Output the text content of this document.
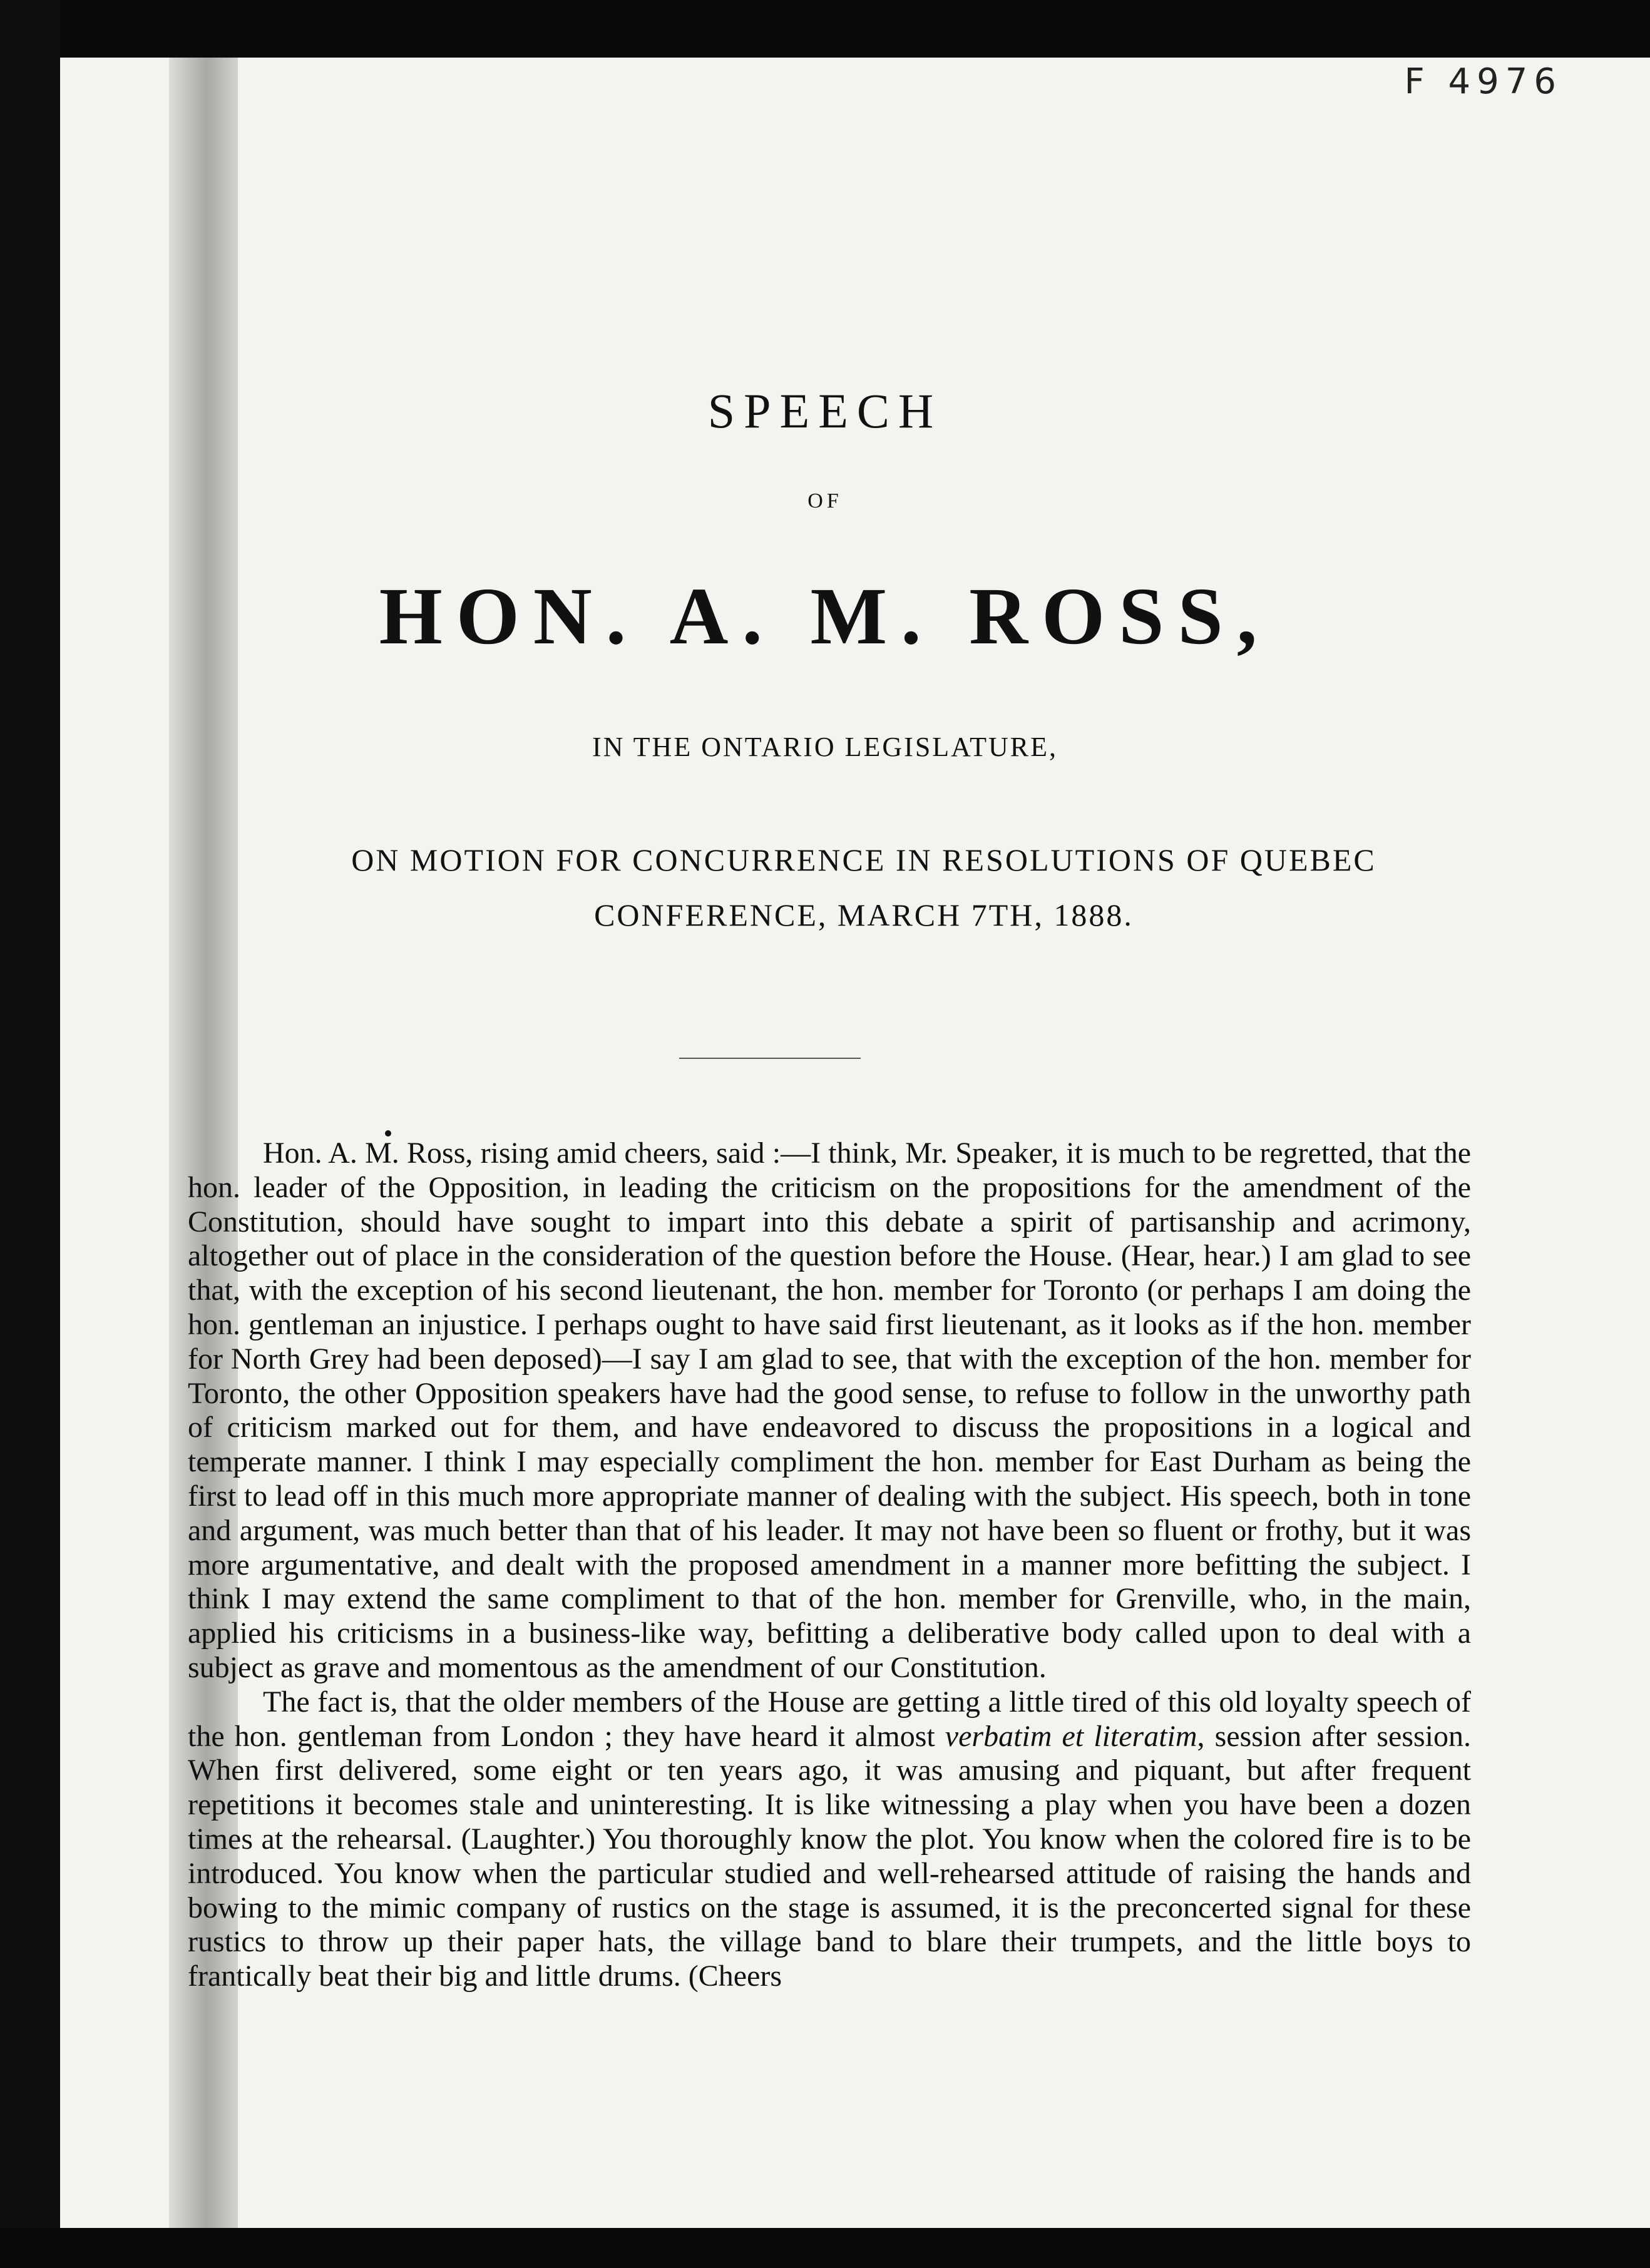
F 4976
SPEECH
OF
HON. A. M. ROSS,
IN THE ONTARIO LEGISLATURE,
ON MOTION FOR CONCURRENCE IN RESOLUTIONS OF QUEBEC CONFERENCE, MARCH 7TH, 1888.

Hon. A. M. Ross, rising amid cheers, said :—I think, Mr. Speaker, it is much to be regretted, that the hon. leader of the Opposition, in leading the criticism on the propositions for the amendment of the Constitution, should have sought to impart into this debate a spirit of partisanship and acrimony, altogether out of place in the consideration of the question before the House. (Hear, hear.) I am glad to see that, with the exception of his second lieutenant, the hon. member for Toronto (or perhaps I am doing the hon. gentleman an injustice. I perhaps ought to have said first lieutenant, as it looks as if the hon. member for North Grey had been deposed)—I say I am glad to see, that with the exception of the hon. member for Toronto, the other Opposition speakers have had the good sense, to refuse to follow in the unworthy path of criticism marked out for them, and have endeavored to discuss the propositions in a logical and temperate manner. I think I may especially compliment the hon. member for East Durham as being the first to lead off in this much more appropriate manner of dealing with the subject. His speech, both in tone and argument, was much better than that of his leader. It may not have been so fluent or frothy, but it was more argumentative, and dealt with the proposed amendment in a manner more befitting the subject. I think I may extend the same compliment to that of the hon. member for Grenville, who, in the main, applied his criticisms in a business-like way, befitting a deliberative body called upon to deal with a subject as grave and momentous as the amendment of our Constitution.

The fact is, that the older members of the House are getting a little tired of this old loyalty speech of the hon. gentleman from London ; they have heard it almost verbatim et literatim, session after session. When first delivered, some eight or ten years ago, it was amusing and piquant, but after frequent repetitions it becomes stale and uninteresting. It is like witnessing a play when you have been a dozen times at the rehearsal. (Laughter.) You thoroughly know the plot. You know when the colored fire is to be introduced. You know when the particular studied and well-rehearsed attitude of raising the hands and bowing to the mimic company of rustics on the stage is assumed, it is the preconcerted signal for these rustics to throw up their paper hats, the village band to blare their trumpets, and the little boys to frantically beat their big and little drums. (Cheers
